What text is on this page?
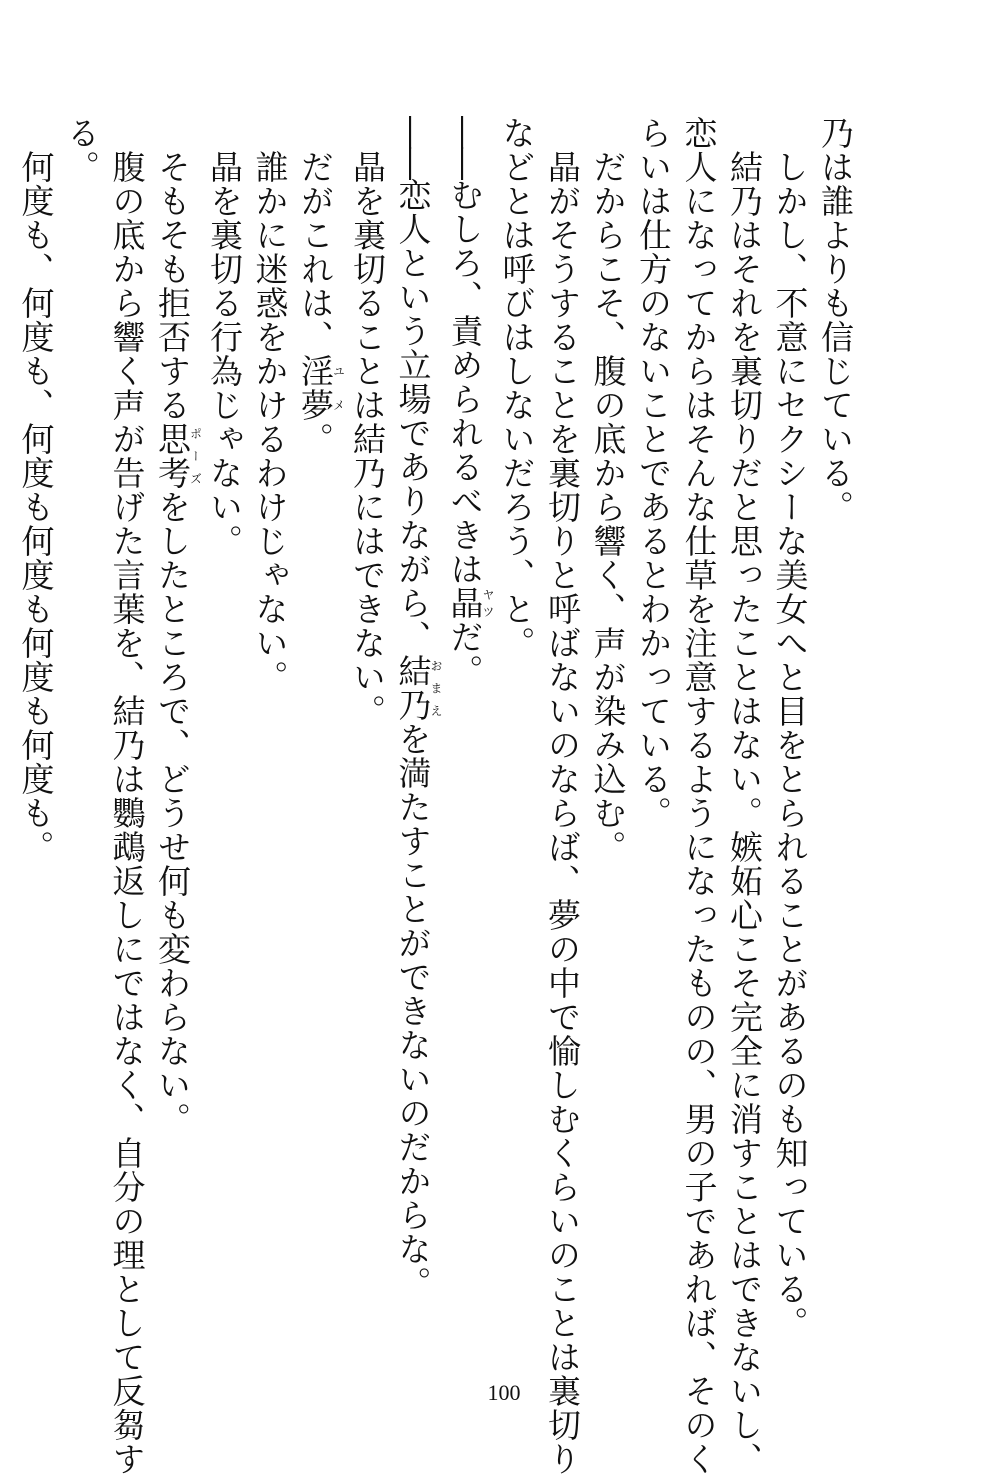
乃は誰よりも信じている。
　しかし、不意にセクシーな美女へと目をとられることがあるのも知っている。
　結乃はそれを裏切りだと思ったことはない。嫉妬心こそ完全に消すことはできないし、
恋人になってからはそんな仕草を注意するようになったものの、男の子であれば、そのく
らいは仕方のないことであるとわかっている。
　だからこそ、腹の底から響く、声が染み込む。
　晶がそうすることを裏切りと呼ばないのならば、夢の中で愉しむくらいのことは裏切り
などとは呼びはしないだろう、と。
――むしろ、責められるべきは晶ヤツだ。
――恋人という立場でありながら、結乃おまえを満たすことができないのだからな。
　晶を裏切ることは結乃にはできない。
　だがこれは、淫夢ユメ。
　誰かに迷惑をかけるわけじゃない。
　晶を裏切る行為じゃない。
　そもそも拒否する思考ポーズをしたところで、どうせ何も変わらない。
　腹の底から響く声が告げた言葉を、結乃は鸚鵡返しにではなく、自分の理として反芻す
る。
　何度も、何度も、何度も何度も何度も何度も。
100
